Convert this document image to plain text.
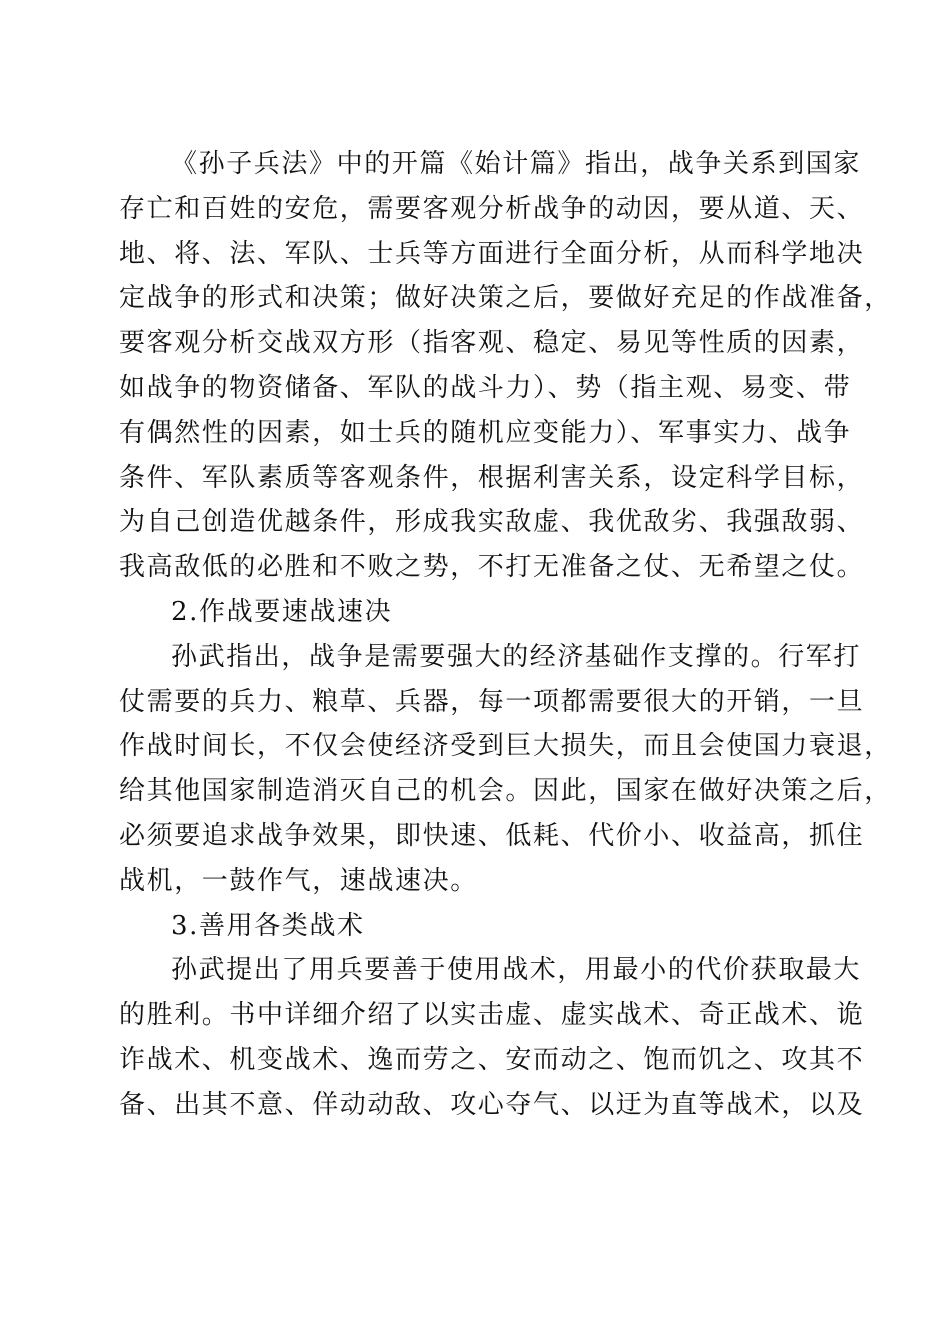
《孙子兵法》中的开篇《始计篇》指出，战争关系到国家
存亡和百姓的安危，需要客观分析战争的动因，要从道、天、
地、将、法、军队、士兵等方面进行全面分析，从而科学地决
定战争的形式和决策；做好决策之后，要做好充足的作战准备，
要客观分析交战双方形（指客观、稳定、易见等性质的因素，
如战争的物资储备、军队的战斗力）、势（指主观、易变、带
有偶然性的因素，如士兵的随机应变能力）、军事实力、战争
条件、军队素质等客观条件，根据利害关系，设定科学目标，
为自己创造优越条件，形成我实敌虚、我优敌劣、我强敌弱、
我高敌低的必胜和不败之势，不打无准备之仗、无希望之仗。
2.作战要速战速决
孙武指出，战争是需要强大的经济基础作支撑的。行军打
仗需要的兵力、粮草、兵器，每一项都需要很大的开销，一旦
作战时间长，不仅会使经济受到巨大损失，而且会使国力衰退，
给其他国家制造消灭自己的机会。因此，国家在做好决策之后，
必须要追求战争效果，即快速、低耗、代价小、收益高，抓住
战机，一鼓作气，速战速决。
3.善用各类战术
孙武提出了用兵要善于使用战术，用最小的代价获取最大
的胜利。书中详细介绍了以实击虚、虚实战术、奇正战术、诡
诈战术、机变战术、逸而劳之、安而动之、饱而饥之、攻其不
备、出其不意、佯动动敌、攻心夺气、以迂为直等战术，以及
